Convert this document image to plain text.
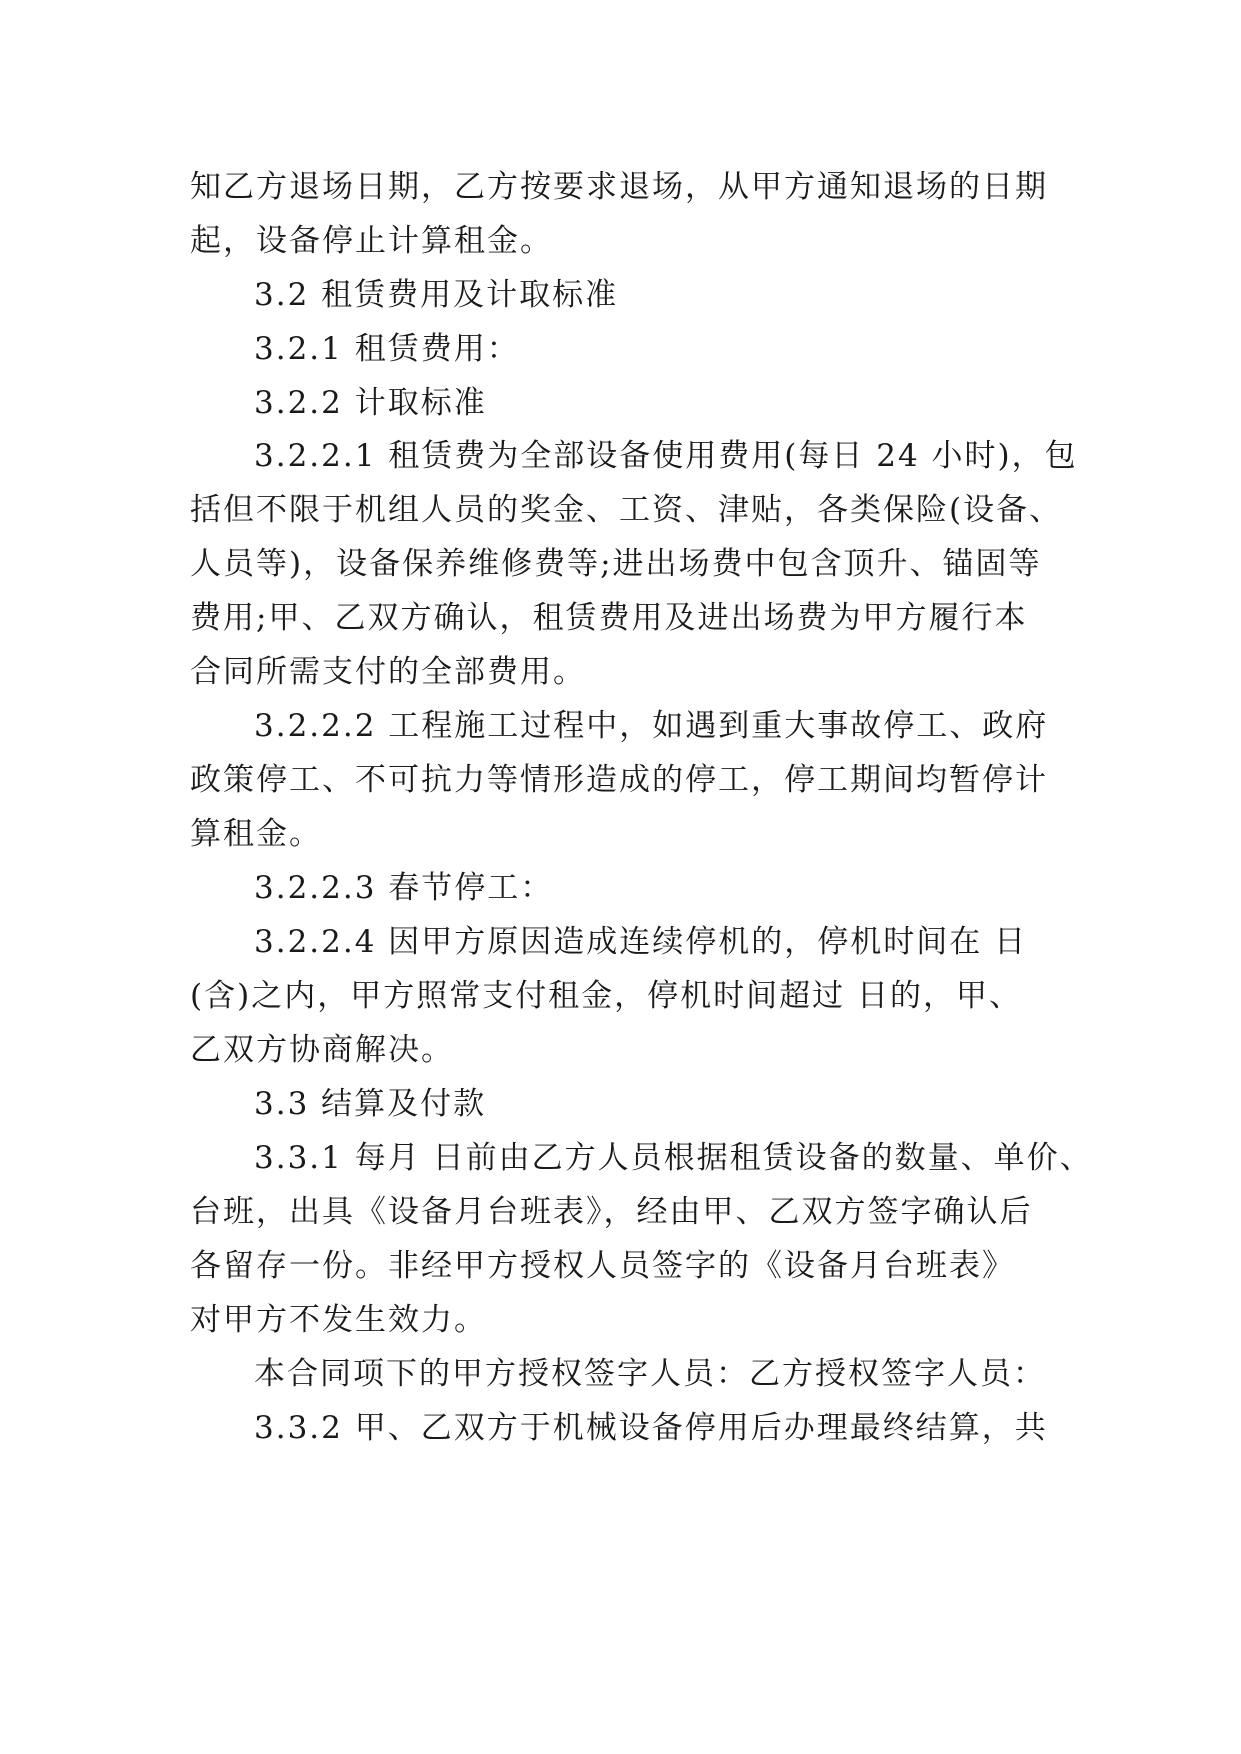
知乙方退场日期，乙方按要求退场，从甲方通知退场的日期
起，设备停止计算租金。
3.2 租赁费用及计取标准
3.2.1 租赁费用：
3.2.2 计取标准
3.2.2.1 租赁费为全部设备使用费用(每日 24 小时)，包
括但不限于机组人员的奖金、工资、津贴，各类保险(设备、
人员等)，设备保养维修费等;进出场费中包含顶升、锚固等
费用;甲、乙双方确认，租赁费用及进出场费为甲方履行本
合同所需支付的全部费用。
3.2.2.2 工程施工过程中，如遇到重大事故停工、政府
政策停工、不可抗力等情形造成的停工，停工期间均暂停计
算租金。
3.2.2.3 春节停工：
3.2.2.4 因甲方原因造成连续停机的，停机时间在 日
(含)之内，甲方照常支付租金，停机时间超过 日的，甲、
乙双方协商解决。
3.3 结算及付款
3.3.1 每月 日前由乙方人员根据租赁设备的数量、单价、
台班，出具《设备月台班表》，经由甲、乙双方签字确认后
各留存一份。非经甲方授权人员签字的《设备月台班表》
对甲方不发生效力。
本合同项下的甲方授权签字人员：乙方授权签字人员：
3.3.2 甲、乙双方于机械设备停用后办理最终结算，共
